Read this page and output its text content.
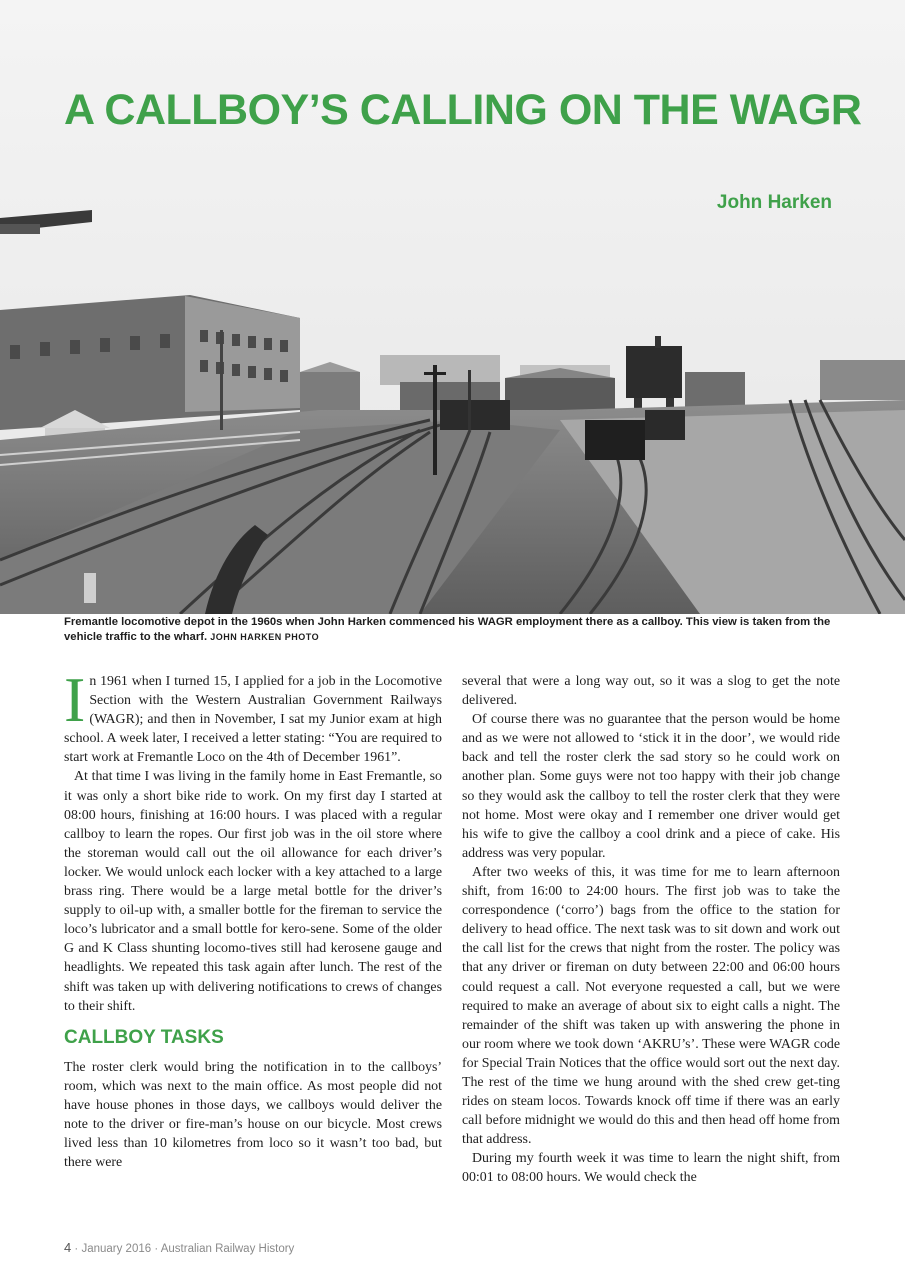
A CALLBOY’S CALLING ON THE WAGR

John Harken

Fremantle locomotive depot in the 1960s when John Harken commenced his WAGR employment there as a callboy. This view is taken from the vehicle traffic to the wharf. JOHN HARKEN PHOTO

In 1961 when I turned 15, I applied for a job in the Locomotive Section with the Western Australian Government Railways (WAGR); and then in November, I sat my Junior exam at high school. A week later, I received a letter stating: “You are required to start work at Fremantle Loco on the 4th of December 1961”.

At that time I was living in the family home in East Fremantle, so it was only a short bike ride to work. On my first day I started at 08:00 hours, finishing at 16:00 hours. I was placed with a regular callboy to learn the ropes. Our first job was in the oil store where the storeman would call out the oil allowance for each driver’s locker. We would unlock each locker with a key attached to a large brass ring. There would be a large metal bottle for the driver’s supply to oil-up with, a smaller bottle for the fireman to service the loco’s lubricator and a small bottle for kero-sene. Some of the older G and K Class shunting locomo-tives still had kerosene gauge and headlights. We repeated this task again after lunch. The rest of the shift was taken up with delivering notifications to crews of changes to their shift.

CALLBOY TASKS

The roster clerk would bring the notification in to the callboys’ room, which was next to the main office. As most people did not have house phones in those days, we callboys would deliver the note to the driver or fire-man’s house on our bicycle. Most crews lived less than 10 kilometres from loco so it wasn’t too bad, but there were

several that were a long way out, so it was a slog to get the note delivered.

Of course there was no guarantee that the person would be home and as we were not allowed to ‘stick it in the door’, we would ride back and tell the roster clerk the sad story so he could work on another plan. Some guys were not too happy with their job change so they would ask the callboy to tell the roster clerk that they were not home. Most were okay and I remember one driver would get his wife to give the callboy a cool drink and a piece of cake. His address was very popular.

After two weeks of this, it was time for me to learn afternoon shift, from 16:00 to 24:00 hours. The first job was to take the correspondence (‘corro’) bags from the office to the station for delivery to head office. The next task was to sit down and work out the call list for the crews that night from the roster. The policy was that any driver or fireman on duty between 22:00 and 06:00 hours could request a call. Not everyone requested a call, but we were required to make an average of about six to eight calls a night. The remainder of the shift was taken up with answering the phone in our room where we took down ‘AKRU’s’. These were WAGR code for Special Train Notices that the office would sort out the next day. The rest of the time we hung around with the shed crew get-ting rides on steam locos. Towards knock off time if there was an early call before midnight we would do this and then head off home from that address.

During my fourth week it was time to learn the night shift, from 00:01 to 08:00 hours. We would check the

4 · January 2016 · Australian Railway History
